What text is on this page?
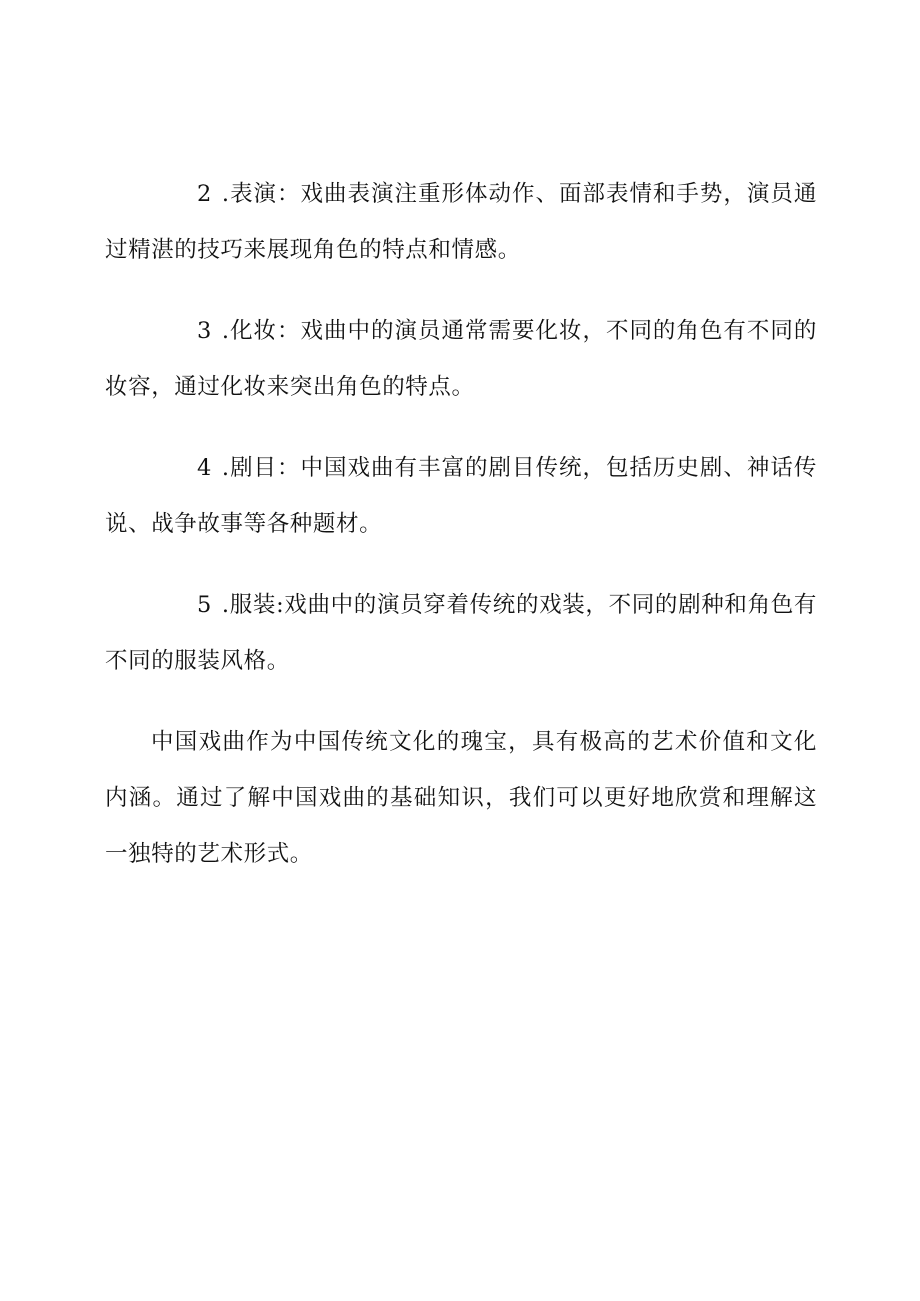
2 .表演：戏曲表演注重形体动作、面部表情和手势，演员通过精湛的技巧来展现角色的特点和情感。

3 .化妆：戏曲中的演员通常需要化妆，不同的角色有不同的妆容，通过化妆来突出角色的特点。

4 .剧目：中国戏曲有丰富的剧目传统，包括历史剧、神话传说、战争故事等各种题材。

5 .服装:戏曲中的演员穿着传统的戏装，不同的剧种和角色有不同的服装风格。

中国戏曲作为中国传统文化的瑰宝，具有极高的艺术价值和文化内涵。通过了解中国戏曲的基础知识，我们可以更好地欣赏和理解这一独特的艺术形式。
